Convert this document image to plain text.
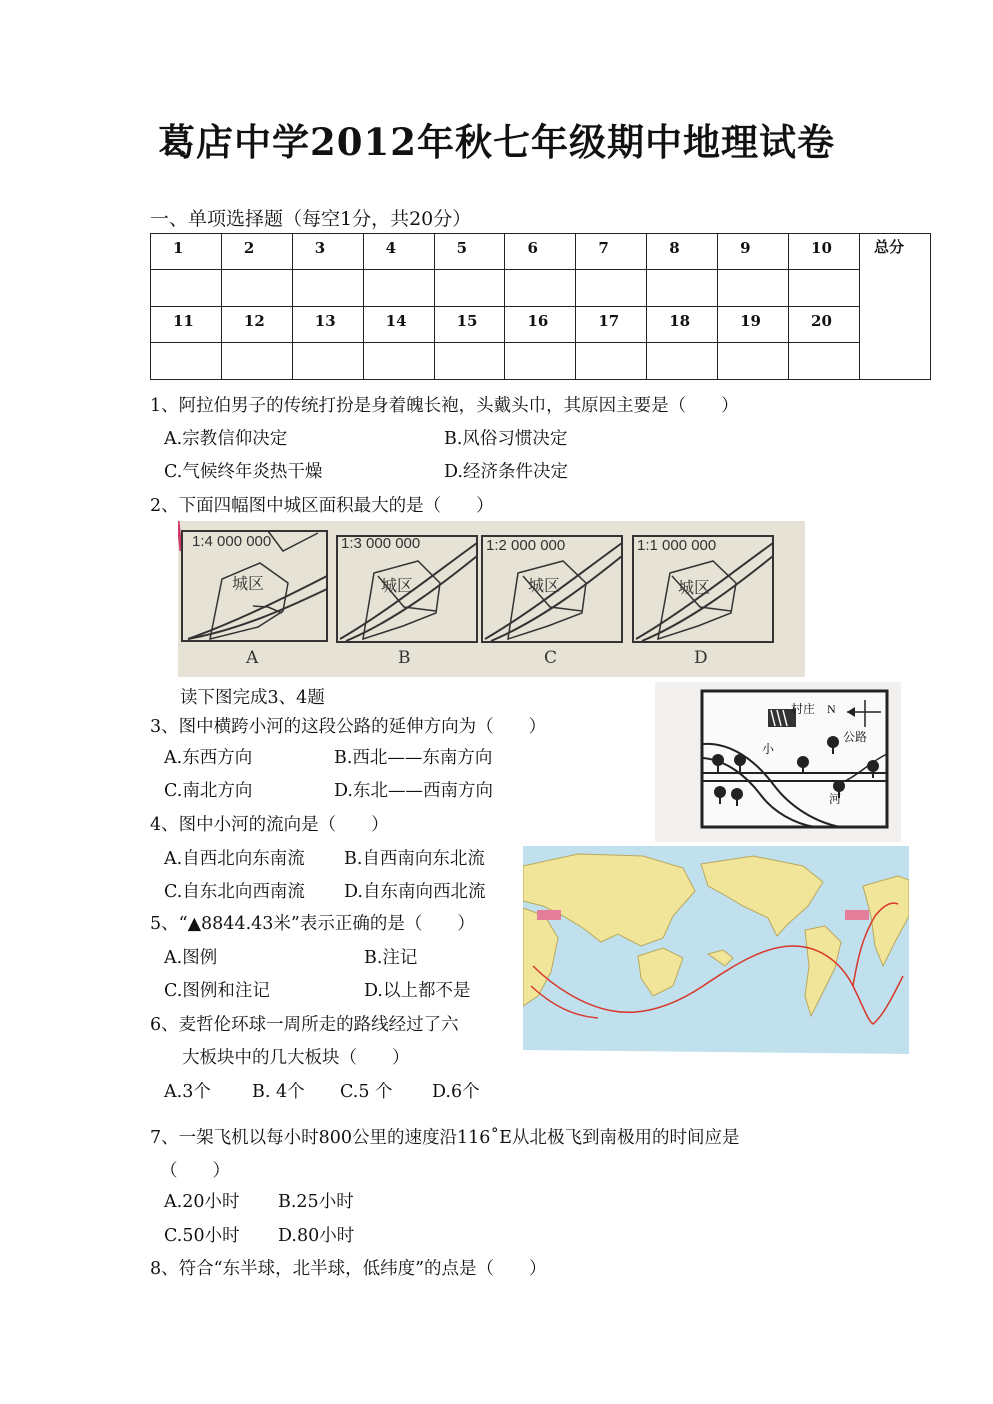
葛店中学2012年秋七年级期中地理试卷
一、单项选择题（每空1分，共20分）
1	2	3	4	5	6	7	8	9	10	总分

11	12	13	14	15	16	17	18	19	20	

1、阿拉伯男子的传统打扮是身着魄长袍，头戴头巾，其原因主要是（　　）
A.宗教信仰决定	B.风俗习惯决定
C.气候终年炎热干燥	D.经济条件决定
2、下面四幅图中城区面积最大的是（　　）
1:4 000 000
城区
A
1:3 000 000
城区
B
1:2 000 000
城区
C
1:1 000 000
城区
D
读下图完成3、4题
村庄 N
公路
小
河
3、图中横跨小河的这段公路的延伸方向为（　　）
A.东西方向	B.西北——东南方向
C.南北方向	D.东北——西南方向
4、图中小河的流向是（　　）
A.自西北向东南流 B.自西南向东北流
C.自东北向西南流 D.自东南向西北流
5、“▲8844.43米”表示正确的是（　　）
A.图例	B.注记
C.图例和注记	D.以上都不是
6、麦哲伦环球一周所走的路线经过了六
大板块中的几大板块（　　）
A.3个 B. 4个 C.5 个 D.6个
7、一架飞机以每小时800公里的速度沿116˚E从北极飞到南极用的时间应是
（　　）
A.20小时 B.25小时
C.50小时 D.80小时
8、符合“东半球，北半球，低纬度”的点是（　　）
